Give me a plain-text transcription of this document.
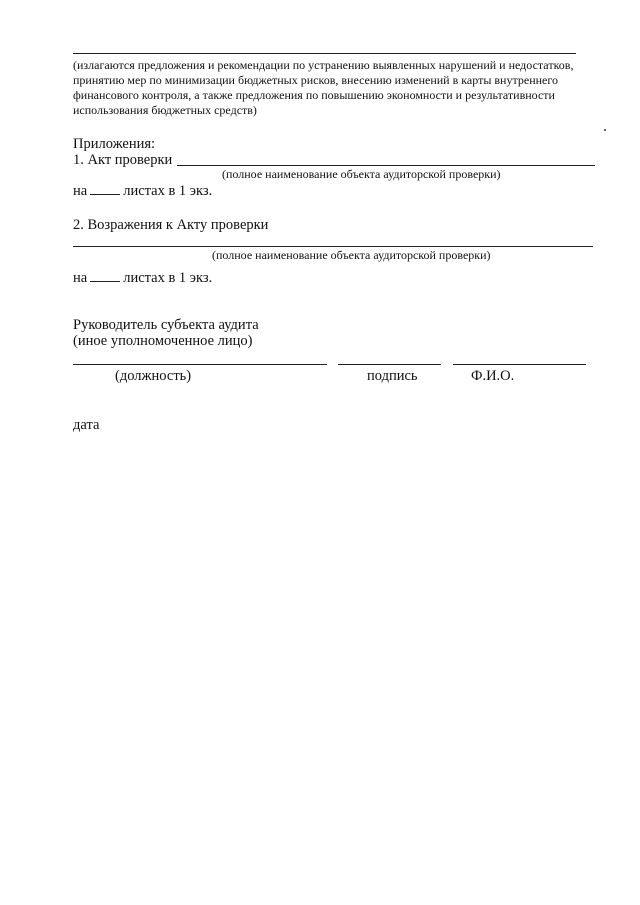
(излагаются предложения и рекомендации по устранению выявленных нарушений и недостатков, принятию мер по минимизации бюджетных рисков, внесению изменений в карты внутреннего финансового контроля, а также предложения по повышению экономности и результативности использования бюджетных средств)

Приложения:
1. Акт проверки
(полное наименование объекта аудиторской проверки)
на листах в 1 экз.
2. Возражения к Акту проверки
(полное наименование объекта аудиторской проверки)
на листах в 1 экз.
Руководитель субъекта аудита
(иное уполномоченное лицо)
(должность)	подпись	Ф.И.О.
дата
